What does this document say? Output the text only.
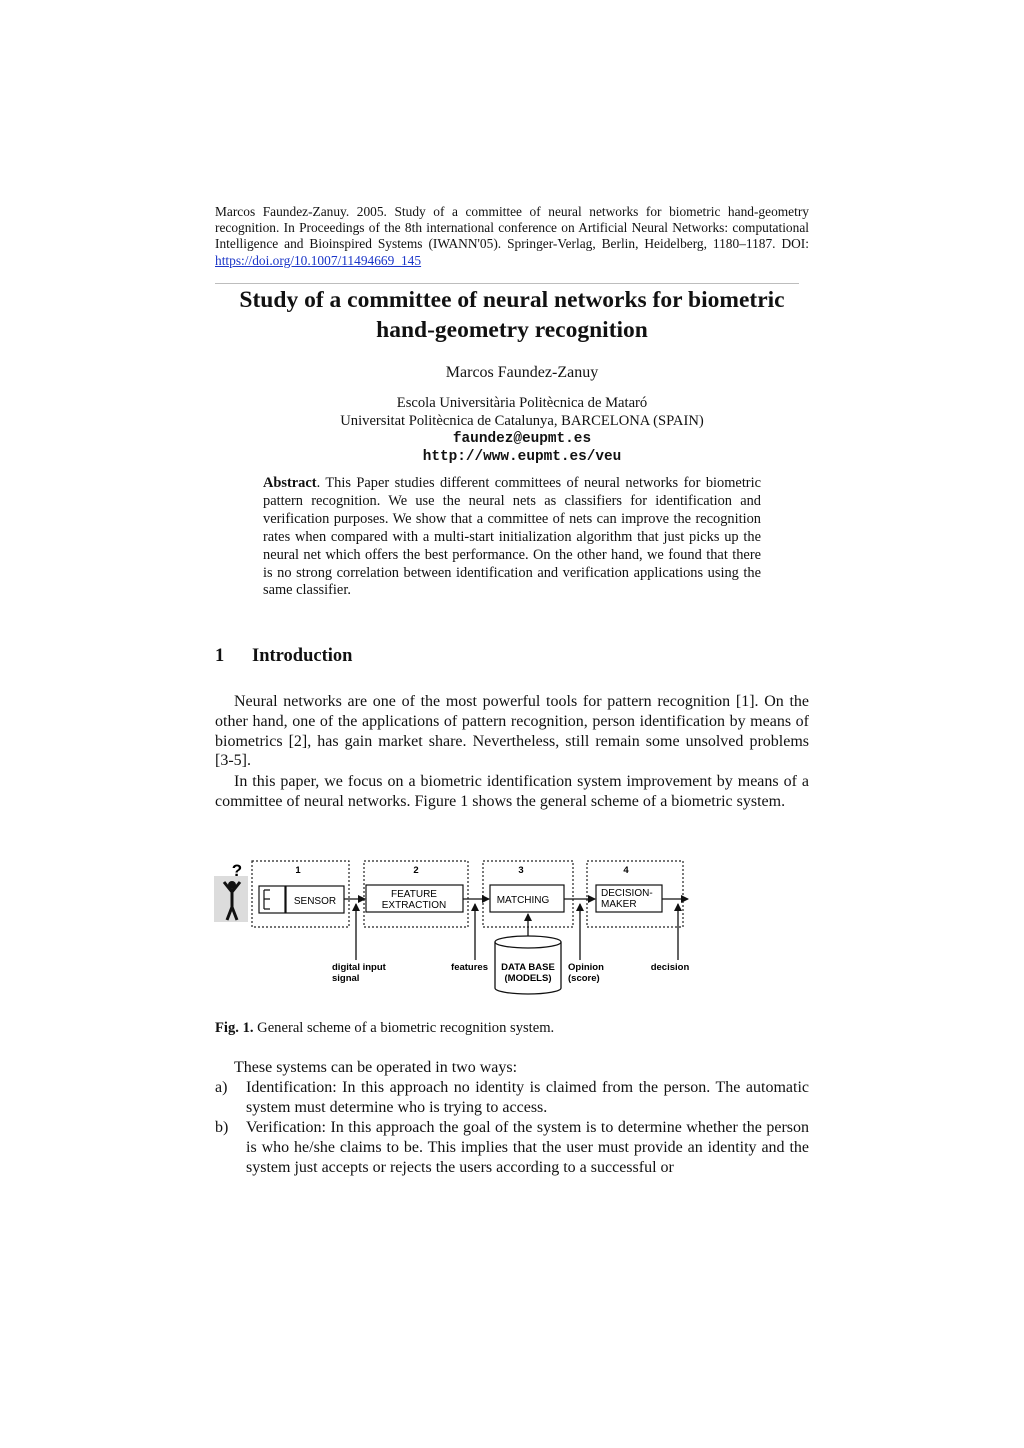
Marcos Faundez-Zanuy. 2005. Study of a committee of neural networks for biometric hand-geometry recognition. In Proceedings of the 8th international conference on Artificial Neural Networks: computational Intelligence and Bioinspired Systems (IWANN'05). Springer-Verlag, Berlin, Heidelberg, 1180–1187. DOI: https://doi.org/10.1007/11494669_145
Study of a committee of neural networks for biometric
hand-geometry recognition
Marcos Faundez-Zanuy
Escola Universitària Politècnica de Mataró
Universitat Politècnica de Catalunya, BARCELONA (SPAIN)
faundez@eupmt.es
http://www.eupmt.es/veu
Abstract. This Paper studies different committees of neural networks for biometric pattern recognition. We use the neural nets as classifiers for identification and verification purposes. We show that a committee of nets can improve the recognition rates when compared with a multi-start initialization algorithm that just picks up the neural net which offers the best performance. On the other hand, we found that there is no strong correlation between identification and verification applications using the same classifier.
1 Introduction
Neural networks are one of the most powerful tools for pattern recognition [1]. On the other hand, one of the applications of pattern recognition, person identification by means of biometrics [2], has gain market share. Nevertheless, still remain some unsolved problems [3-5].
In this paper, we focus on a biometric identification system improvement by means of a committee of neural networks. Figure 1 shows the general scheme of a biometric system.
?	1	2	3	4
SENSOR
FEATURE
EXTRACTION	MATCHING
DECISION-
MAKER
digital input
signal
features DATA BASE
(MODELS)
Opinion
(score)
decision
Fig. 1. General scheme of a biometric recognition system.
These systems can be operated in two ways:
a) Identification: In this approach no identity is claimed from the person. The automatic system must determine who is trying to access.
b) Verification: In this approach the goal of the system is to determine whether the person is who he/she claims to be. This implies that the user must provide an identity and the system just accepts or rejects the users according to a successful or
